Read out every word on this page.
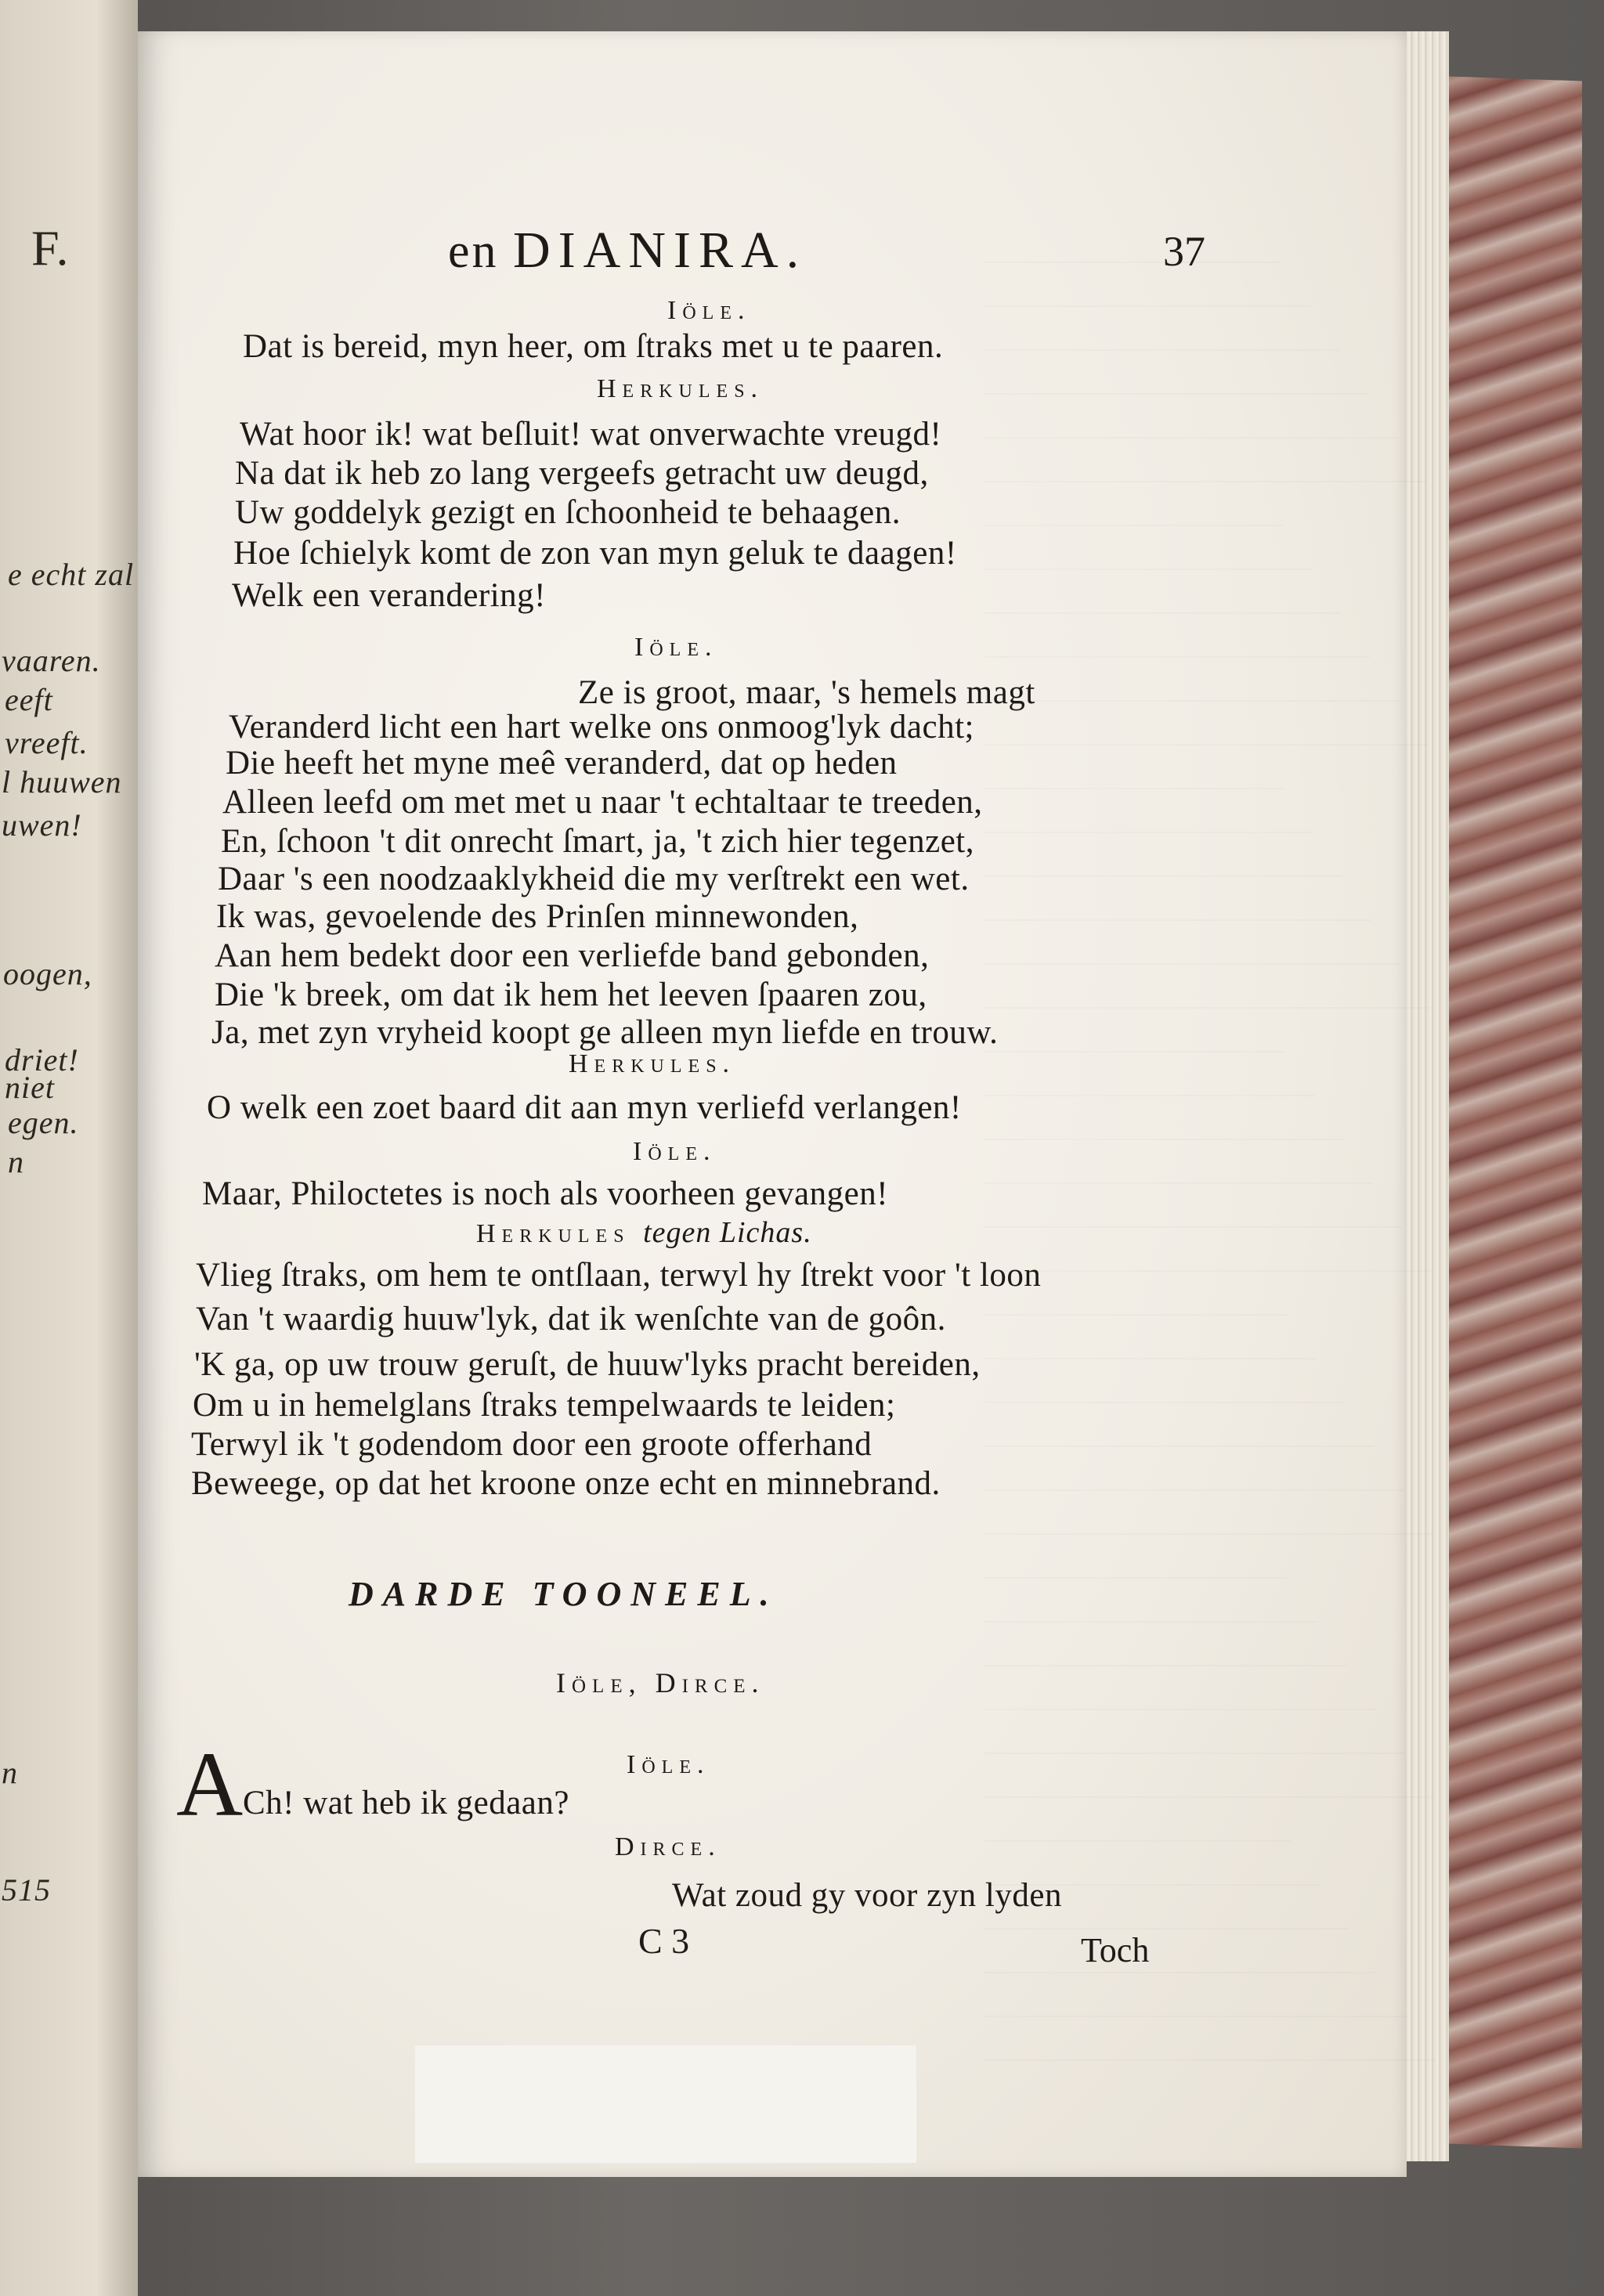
F.
e echt zal
vaaren.
eeft
vreeft.
l huuwen
uwen!
oogen,
driet!
niet
egen.
n
n
515
en DIANIRA.	37
Iöle.
Dat is bereid, myn heer, om ſtraks met u te paaren.
Herkules.
Wat hoor ik! wat beſluit! wat onverwachte vreugd!
Na dat ik heb zo lang vergeefs getracht uw deugd,
Uw goddelyk gezigt en ſchoonheid te behaagen.
Hoe ſchielyk komt de zon van myn geluk te daagen!
Welk een verandering!
Iöle.
Ze is groot, maar, 's hemels magt
Veranderd licht een hart welke ons onmoog'lyk dacht;
Die heeft het myne meê veranderd, dat op heden
Alleen leefd om met met u naar 't echtaltaar te treeden,
En, ſchoon 't dit onrecht ſmart, ja, 't zich hier tegenzet,
Daar 's een noodzaaklykheid die my verſtrekt een wet.
Ik was, gevoelende des Prinſen minnewonden,
Aan hem bedekt door een verliefde band gebonden,
Die 'k breek, om dat ik hem het leeven ſpaaren zou,
Ja, met zyn vryheid koopt ge alleen myn liefde en trouw.
Herkules.
O welk een zoet baard dit aan myn verliefd verlangen!
Iöle.
Maar, Philoctetes is noch als voorheen gevangen!
Herkules tegen Lichas.
Vlieg ſtraks, om hem te ontſlaan, terwyl hy ſtrekt voor 't loon
Van 't waardig huuw'lyk, dat ik wenſchte van de goôn.
'K ga, op uw trouw geruſt, de huuw'lyks pracht bereiden,
Om u in hemelglans ſtraks tempelwaards te leiden;
Terwyl ik 't godendom door een groote offerhand
Beweege, op dat het kroone onze echt en minnebrand.
DARDE TOONEEL.
Iöle, Dirce.
Iöle.
A Ch! wat heb ik gedaan?
Dirce.
Wat zoud gy voor zyn lyden
C 3	Toch
